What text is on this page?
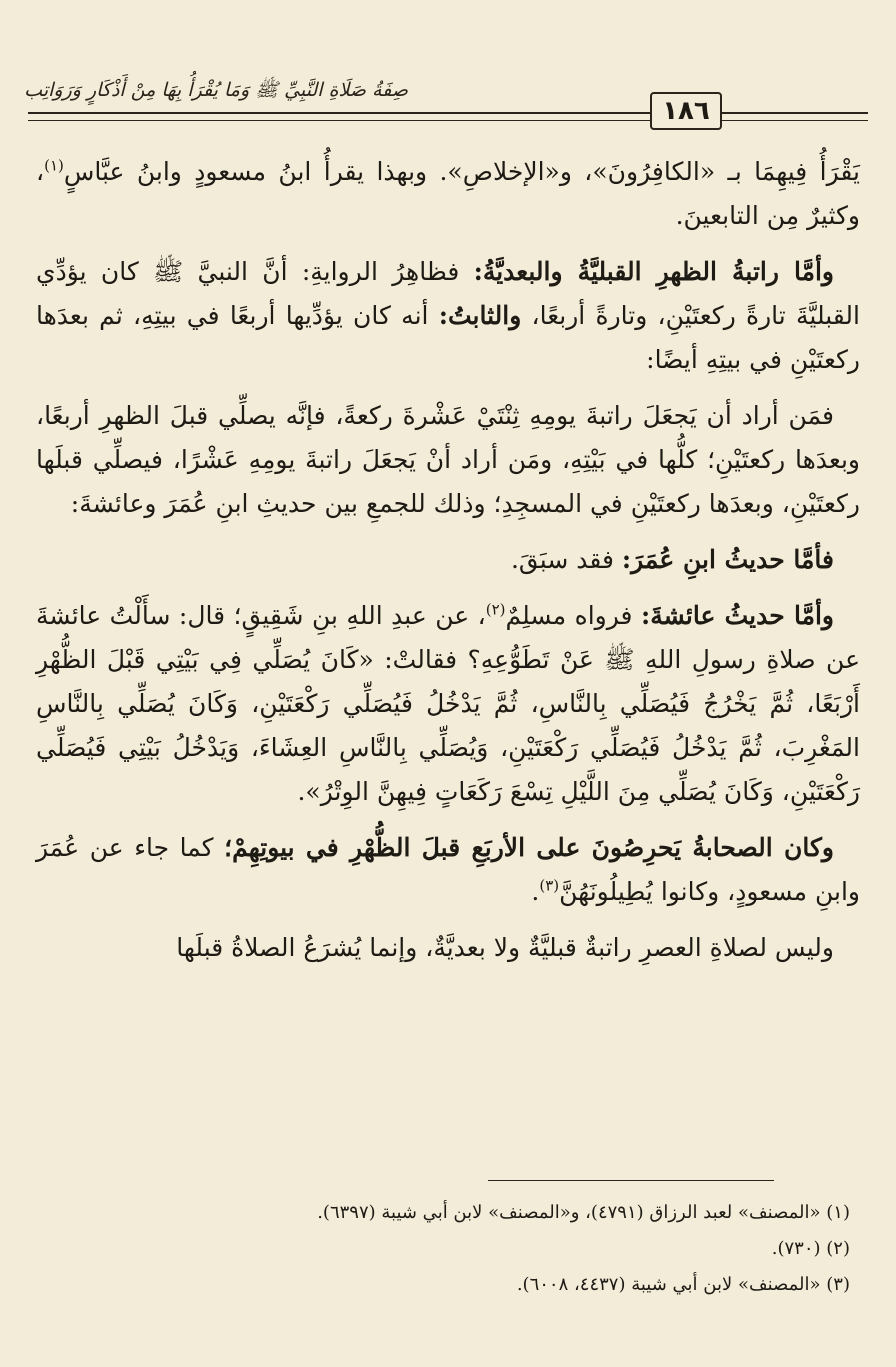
صِفَةُ صَلَاةِ النَّبِيِّ ﷺ وَمَا يُقْرَأُ بِهَا مِنْ أَذْكَارٍ وَرَوَاتِب
١٨٦

يَقْرَأُ فِيهِمَا بـ «الكافِرُونَ»، و«الإخلاصِ». وبهذا يقرأُ ابنُ مسعودٍ وابنُ عبَّاسٍ$^{(١)}$، وكثيرٌ مِن التابعينَ.

وأمَّا راتبةُ الظهرِ القبليَّةُ والبعديَّةُ: فظاهِرُ الروايةِ: أنَّ النبيَّ ﷺ كان يؤدِّي القبليَّةَ تارةً ركعتَيْنِ، وتارةً أربعًا، والثابتُ: أنه كان يؤدِّيها أربعًا في بيتِهِ، ثم بعدَها ركعتَيْنِ في بيتِهِ أيضًا:

فمَن أراد أن يَجعَلَ راتبةَ يومِهِ ثِنْتَيْ عَشْرةَ ركعةً، فإنَّه يصلِّي قبلَ الظهرِ أربعًا، وبعدَها ركعتَيْنِ؛ كلُّها في بَيْتِهِ، ومَن أراد أنْ يَجعَلَ راتبةَ يومِهِ عَشْرًا، فيصلِّي قبلَها ركعتَيْنِ، وبعدَها ركعتَيْنِ في المسجِدِ؛ وذلك للجمعِ بين حديثِ ابنِ عُمَرَ وعائشةَ:

فأمَّا حديثُ ابنِ عُمَرَ: فقد سبَقَ.

وأمَّا حديثُ عائشةَ: فرواه مسلِمٌ$^{(٢)}$، عن عبدِ اللهِ بنِ شَقِيقٍ؛ قال: سأَلْتُ عائشةَ عن صلاةِ رسولِ اللهِ ﷺ عَنْ تَطَوُّعِهِ؟ فقالتْ: «كَانَ يُصَلِّي فِي بَيْتِي قَبْلَ الظُّهْرِ أَرْبَعًا، ثُمَّ يَخْرُجُ فَيُصَلِّي بِالنَّاسِ، ثُمَّ يَدْخُلُ فَيُصَلِّي رَكْعَتَيْنِ، وَكَانَ يُصَلِّي بِالنَّاسِ المَغْرِبَ، ثُمَّ يَدْخُلُ فَيُصَلِّي رَكْعَتَيْنِ، وَيُصَلِّي بِالنَّاسِ العِشَاءَ، وَيَدْخُلُ بَيْتِي فَيُصَلِّي رَكْعَتَيْنِ، وَكَانَ يُصَلِّي مِنَ اللَّيْلِ تِسْعَ رَكَعَاتٍ فِيهِنَّ الوِتْرُ».

وكان الصحابةُ يَحرِصُونَ على الأربَعِ قبلَ الظُّهْرِ في بيوتِهِمْ؛ كما جاء عن عُمَرَ وابنِ مسعودٍ، وكانوا يُطِيلُونَهُنَّ$^{(٣)}$.

وليس لصلاةِ العصرِ راتبةٌ قبليَّةٌ ولا بعديَّةٌ، وإنما يُشرَعُ الصلاةُ قبلَها

(١) «المصنف» لعبد الرزاق (٤٧٩١)، و«المصنف» لابن أبي شيبة (٦٣٩٧).

(٢) (٧٣٠).

(٣) «المصنف» لابن أبي شيبة (٤٤٣٧، ٦٠٠٨).
